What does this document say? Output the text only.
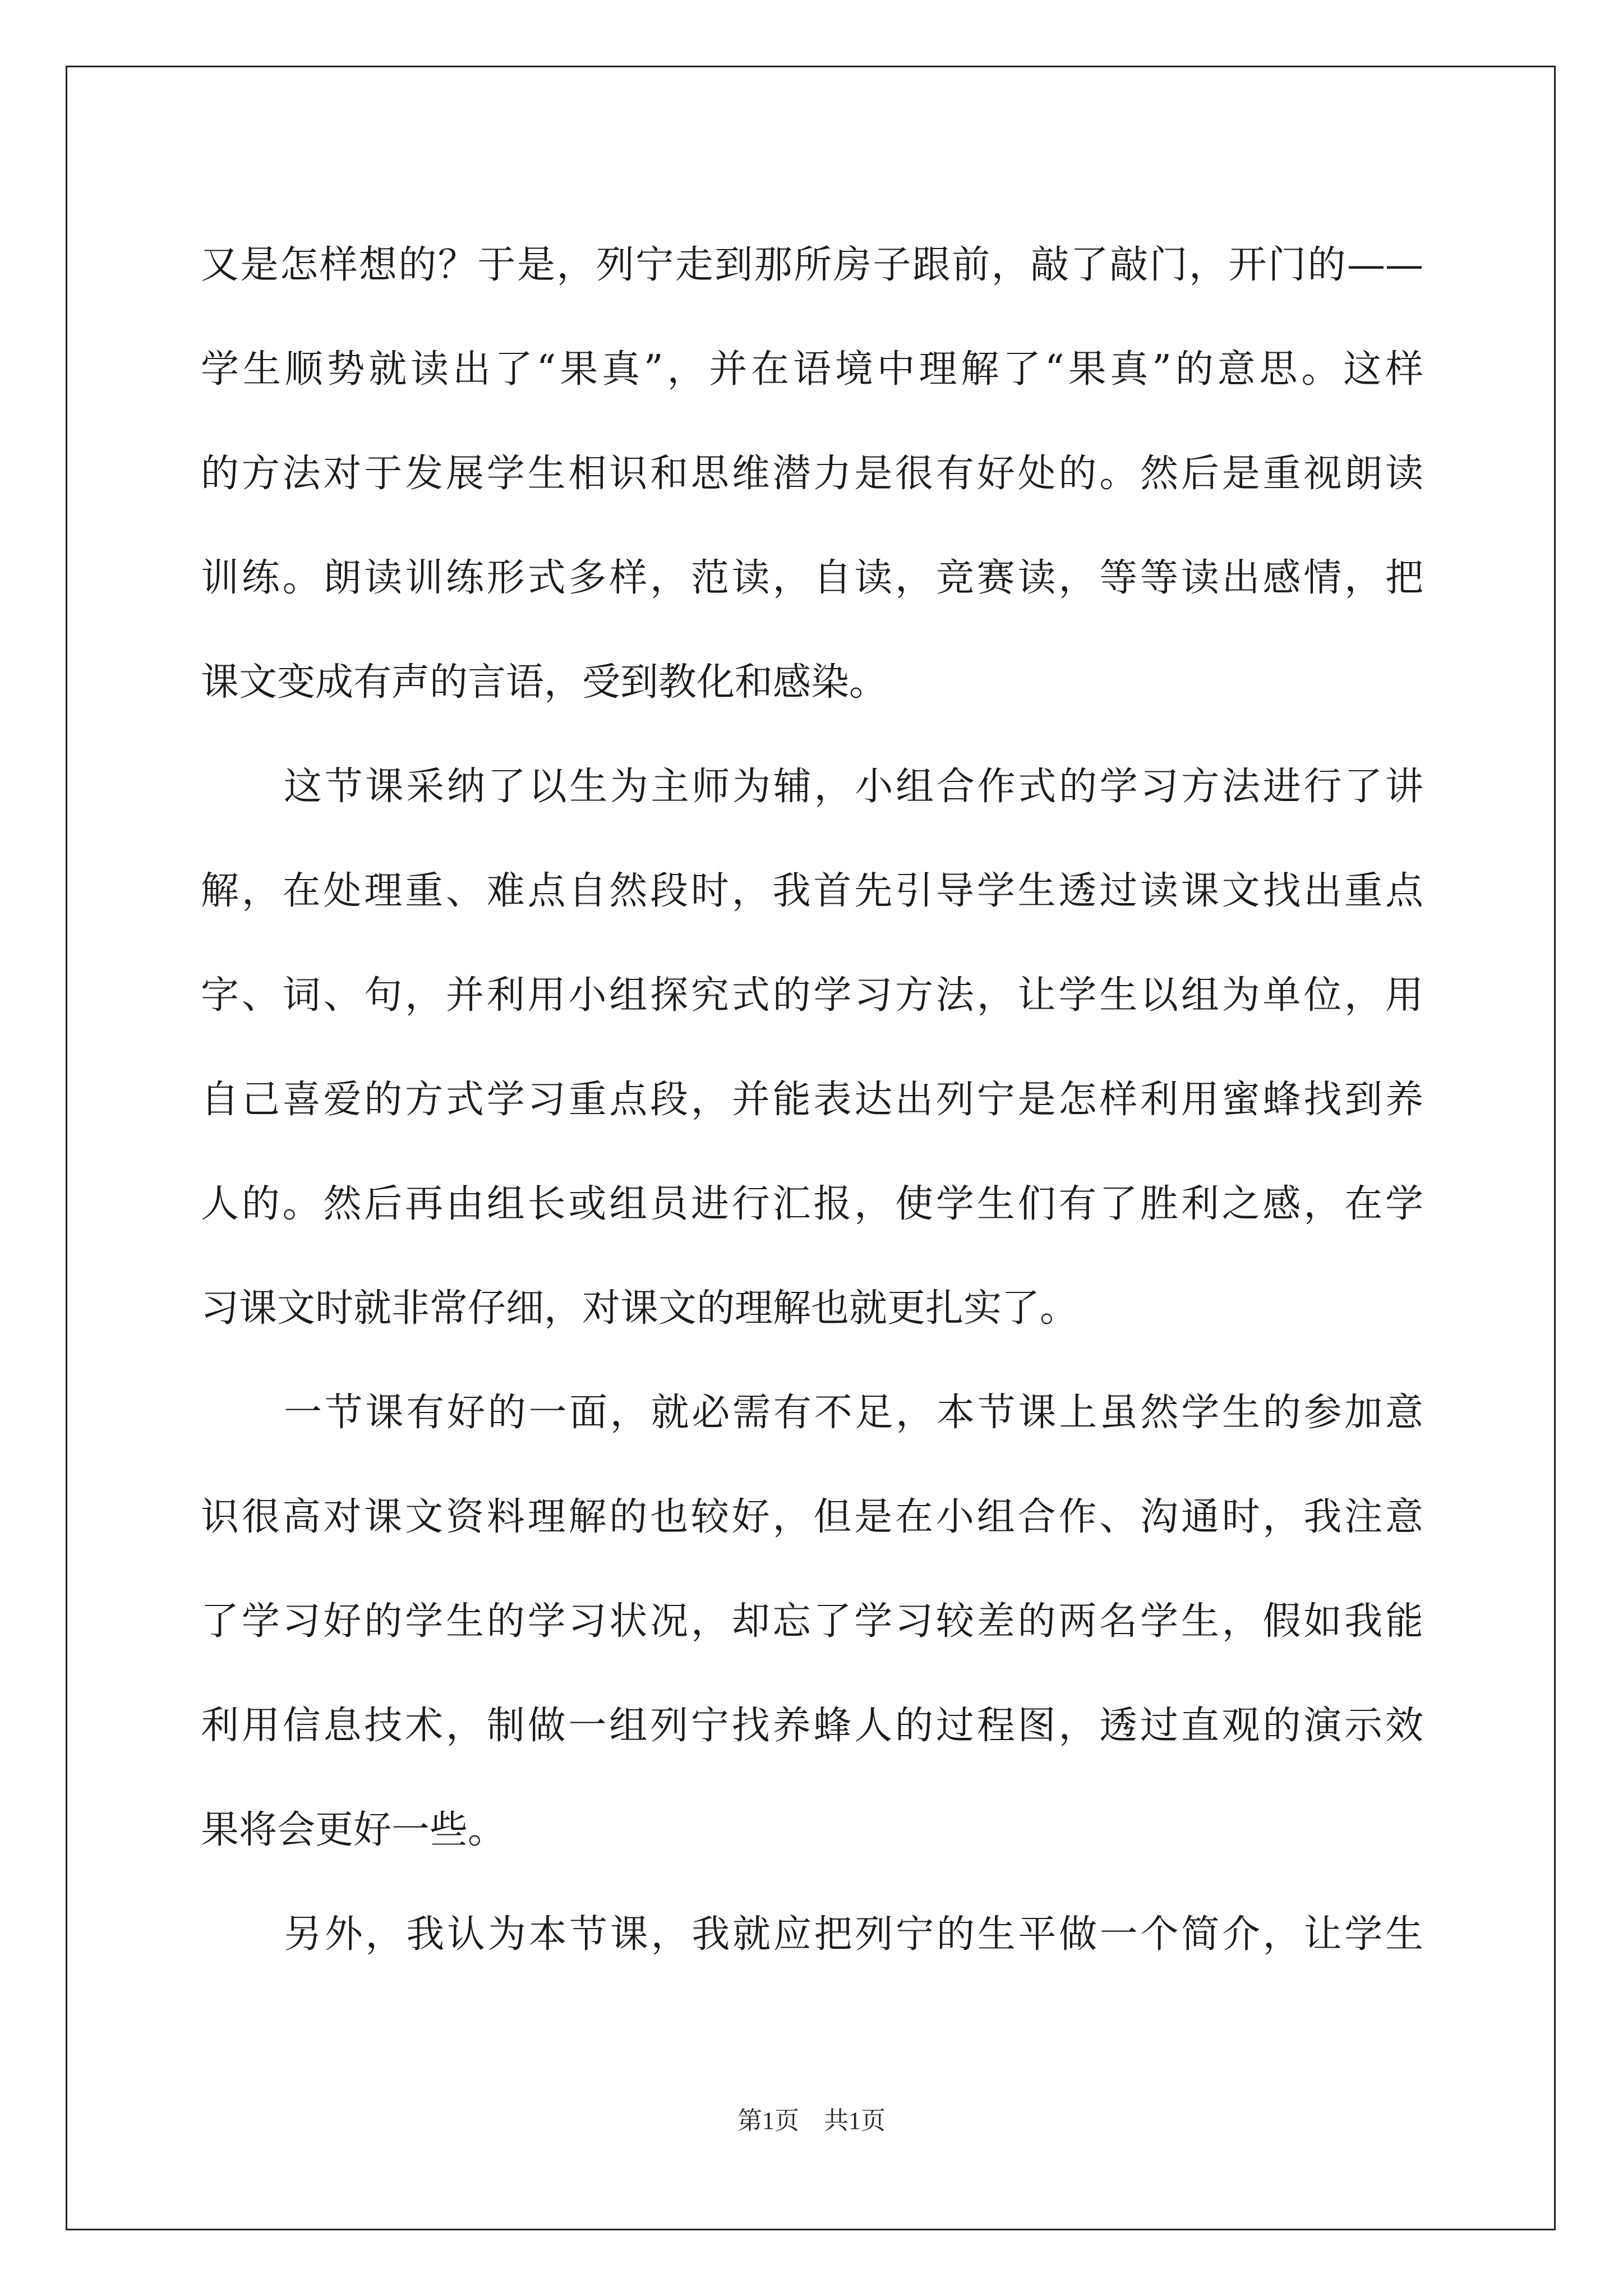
又是怎样想的？于是，列宁走到那所房子跟前，敲了敲门，开门的——
学生顺势就读出了“果真”，并在语境中理解了“果真”的意思。这样
的方法对于发展学生相识和思维潜力是很有好处的。然后是重视朗读
训练。朗读训练形式多样，范读，自读，竞赛读，等等读出感情，把
课文变成有声的言语，受到教化和感染。
这节课采纳了以生为主师为辅，小组合作式的学习方法进行了讲
解，在处理重、难点自然段时，我首先引导学生透过读课文找出重点
字、词、句，并利用小组探究式的学习方法，让学生以组为单位，用
自己喜爱的方式学习重点段，并能表达出列宁是怎样利用蜜蜂找到养
人的。然后再由组长或组员进行汇报，使学生们有了胜利之感，在学
习课文时就非常仔细，对课文的理解也就更扎实了。
一节课有好的一面，就必需有不足，本节课上虽然学生的参加意
识很高对课文资料理解的也较好，但是在小组合作、沟通时，我注意
了学习好的学生的学习状况，却忘了学习较差的两名学生，假如我能
利用信息技术，制做一组列宁找养蜂人的过程图，透过直观的演示效
果将会更好一些。
另外，我认为本节课，我就应把列宁的生平做一个简介，让学生
第1页　共1页
